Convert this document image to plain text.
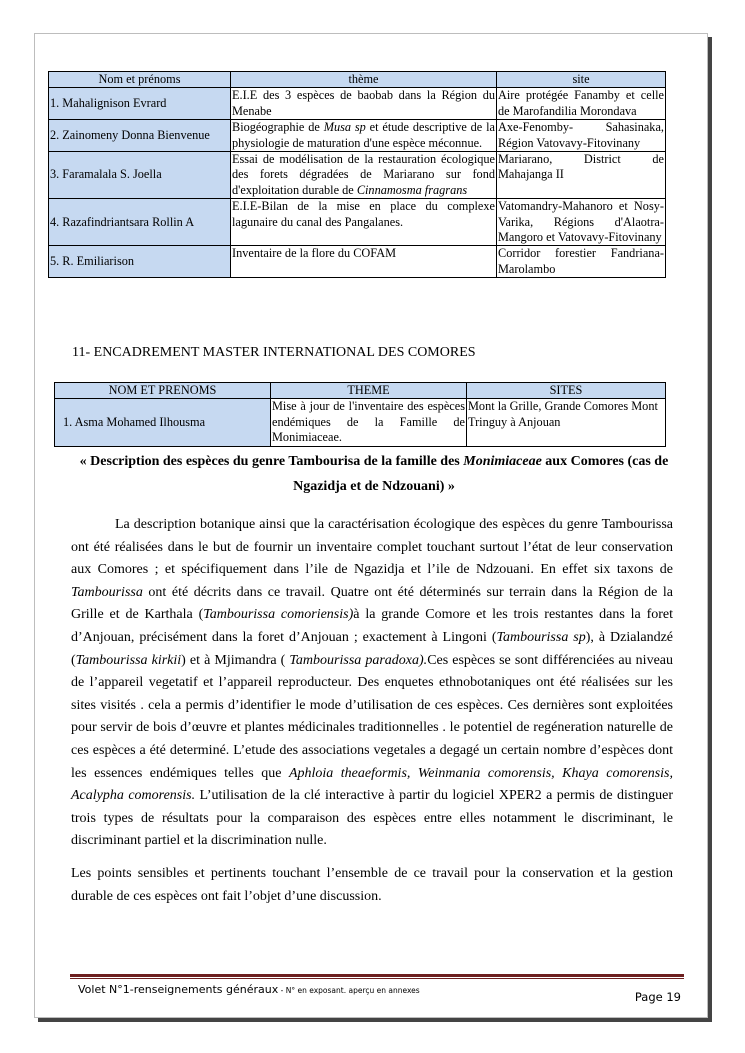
Nom et prénoms	thème	site
1. Mahalignison Evrard	E.I.E des 3 espèces de baobab dans la Région du Menabe	Aire protégée Fanamby et celle de Marofandilia Morondava
2. Zainomeny Donna Bienvenue	Biogéographie de Musa sp et étude descriptive de la physiologie de maturation d'une espèce méconnue.	Axe-Fenomby- Sahasinaka, Région Vatovavy-Fitovinany
3. Faramalala S. Joella	Essai de modélisation de la restauration écologique des forets dégradées de Mariarano sur fond d'exploitation durable de Cinnamosma fragrans	Mariarano, District de Mahajanga II
4. Razafindriantsara Rollin A	E.I.E-Bilan de la mise en place du complexe lagunaire du canal des Pangalanes.	Vatomandry-Mahanoro et Nosy-Varika, Régions d'Alaotra-Mangoro et Vatovavy-Fitovinany
5. R. Emiliarison	Inventaire de la flore du COFAM	Corridor forestier Fandriana-Marolambo
11- ENCADREMENT MASTER INTERNATIONAL DES COMORES
NOM ET PRENOMS	THEME	SITES
1. Asma Mohamed Ilhousma	Mise à jour de l'inventaire des espèces endémiques de la Famille de Monimiaceae.	Mont la Grille, Grande Comores Mont Tringuy à Anjouan
« Description des espèces du genre Tambourisa de la famille des Monimiaceae aux Comores (cas de Ngazidja et de Ndzouani) »

La description botanique ainsi que la caractérisation écologique des espèces du genre Tambourissa ont été réalisées dans le but de fournir un inventaire complet touchant surtout l’état de leur conservation aux Comores ; et spécifiquement dans l’ile de Ngazidja et l’ile de Ndzouani. En effet six taxons de Tambourissa ont été décrits dans ce travail. Quatre ont été déterminés sur terrain dans la Région de la Grille et de Karthala (Tambourissa comoriensis)à la grande Comore et les trois restantes dans la foret d’Anjouan, précisément dans la foret d’Anjouan ; exactement à Lingoni (Tambourissa sp), à Dzialandzé (Tambourissa kirkii) et à Mjimandra ( Tambourissa paradoxa).Ces espèces se sont différenciées au niveau de l’appareil vegetatif et l’appareil reproducteur. Des enquetes ethnobotaniques ont été réalisées sur les sites visités . cela a permis d’identifier le mode d’utilisation de ces espèces. Ces dernières sont exploitées pour servir de bois d’œuvre et plantes médicinales traditionnelles . le potentiel de regéneration naturelle de ces espèces a été determiné. L’etude des associations vegetales a degagé un certain nombre d’espèces dont les essences endémiques telles que Aphloia theaeformis, Weinmania comorensis, Khaya comorensis, Acalypha comorensis. L’utilisation de la clé interactive à partir du logiciel XPER2 a permis de distinguer trois types de résultats pour la comparaison des espèces entre elles notamment le discriminant, le discriminant partiel et la discrimination nulle.

Les points sensibles et pertinents touchant l’ensemble de ce travail pour la conservation et la gestion durable de ces espèces ont fait l’objet d’une discussion.

Volet N°1-renseignements généraux - N° en exposant. aperçu en annexes	Page 19
